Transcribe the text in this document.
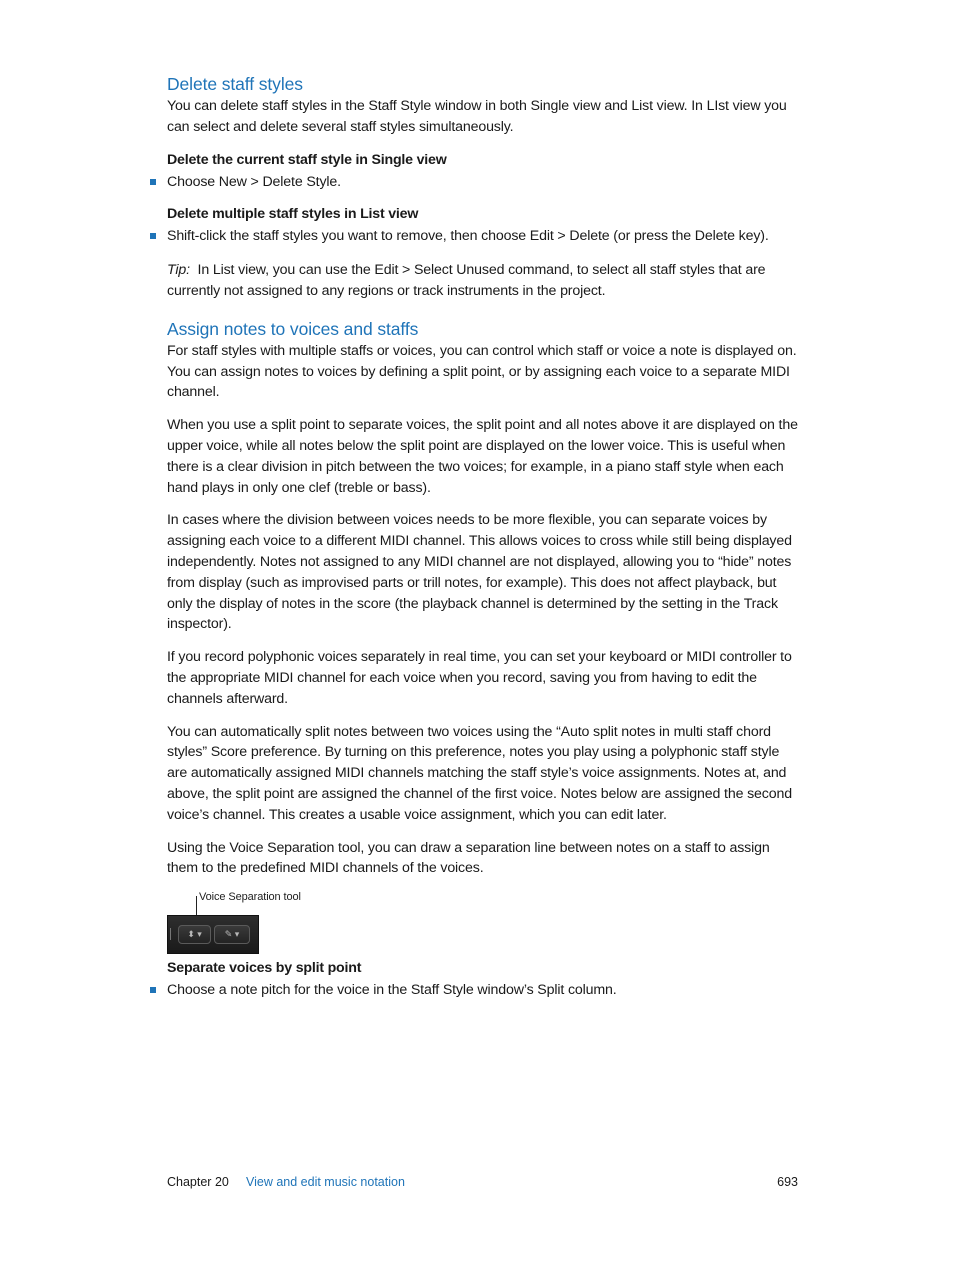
Delete staff styles

You can delete staff styles in the Staff Style window in both Single view and List view. In LIst view you can select and delete several staff styles simultaneously.

Delete the current staff style in Single view

Choose New > Delete Style.

Delete multiple staff styles in List view

Shift-click the staff styles you want to remove, then choose Edit > Delete (or press the Delete key).

Tip: In List view, you can use the Edit > Select Unused command, to select all staff styles that are currently not assigned to any regions or track instruments in the project.

Assign notes to voices and staffs

For staff styles with multiple staffs or voices, you can control which staff or voice a note is displayed on. You can assign notes to voices by defining a split point, or by assigning each voice to a separate MIDI channel.

When you use a split point to separate voices, the split point and all notes above it are displayed on the upper voice, while all notes below the split point are displayed on the lower voice. This is useful when there is a clear division in pitch between the two voices; for example, in a piano staff style when each hand plays in only one clef (treble or bass).

In cases where the division between voices needs to be more flexible, you can separate voices by assigning each voice to a different MIDI channel. This allows voices to cross while still being displayed independently. Notes not assigned to any MIDI channel are not displayed, allowing you to “hide” notes from display (such as improvised parts or trill notes, for example). This does not affect playback, but only the display of notes in the score (the playback channel is determined by the setting in the Track inspector).

If you record polyphonic voices separately in real time, you can set your keyboard or MIDI controller to the appropriate MIDI channel for each voice when you record, saving you from having to edit the channels afterward.

You can automatically split notes between two voices using the “Auto split notes in multi staff chord styles” Score preference. By turning on this preference, notes you play using a polyphonic staff style are automatically assigned MIDI channels matching the staff style’s voice assignments. Notes at, and above, the split point are assigned the channel of the first voice. Notes below are assigned the second voice’s channel. This creates a usable voice assignment, which you can edit later.

Using the Voice Separation tool, you can draw a separation line between notes on a staff to assign them to the predefined MIDI channels of the voices.

Voice Separation tool
⬍ ▾	✎ ▾

Separate voices by split point

Choose a note pitch for the voice in the Staff Style window’s Split column.

Chapter 20 View and edit music notation	693
